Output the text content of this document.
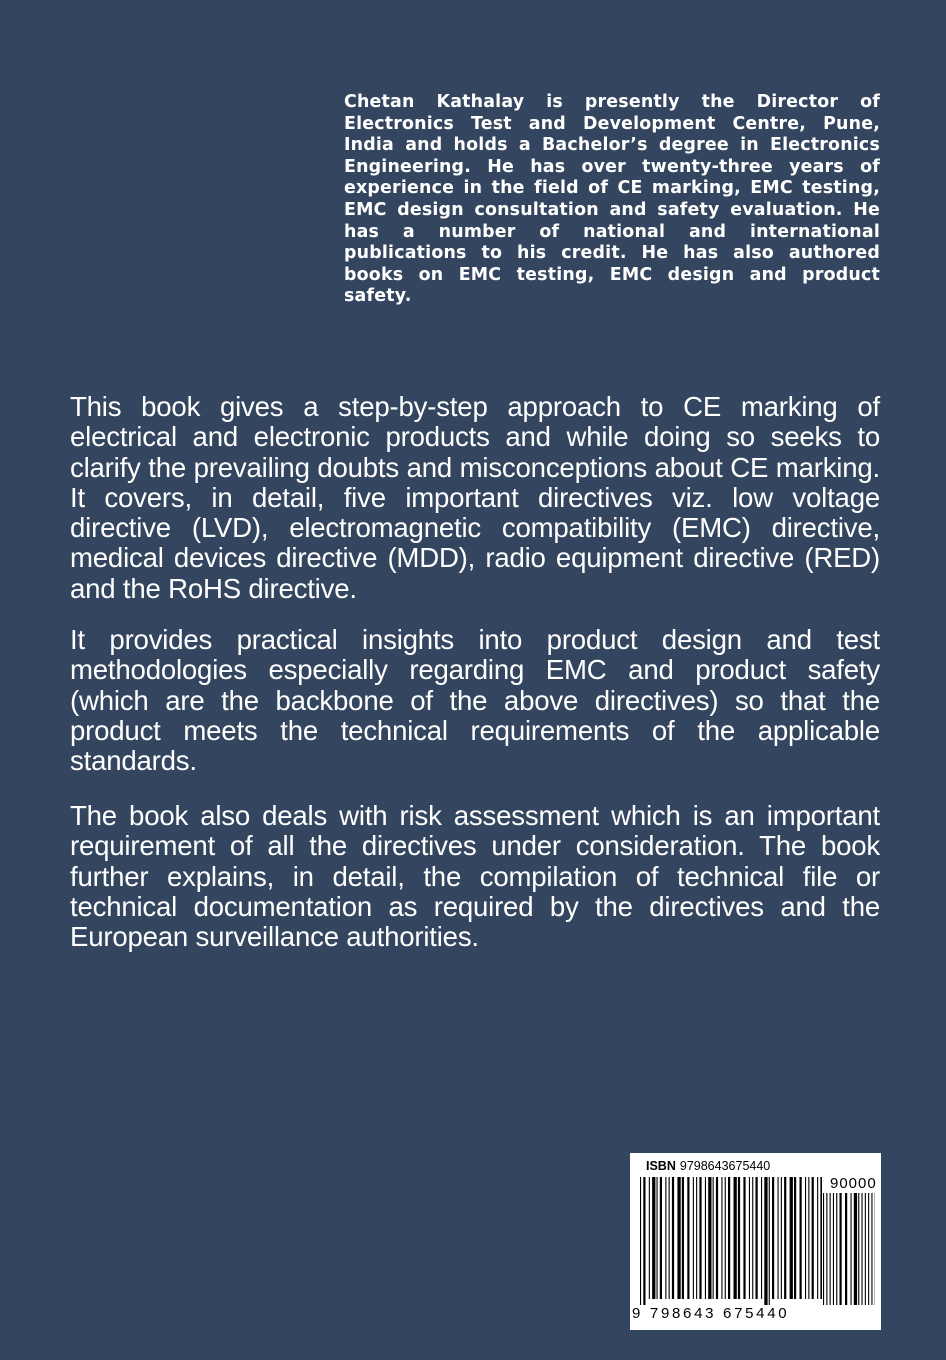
Chetan Kathalay is presently the Director of Electronics Test and Development Centre, Pune, India and holds a Bachelor’s degree in Electronics Engineering. He has over twenty-three years of experience in the field of CE marking, EMC testing, EMC design consultation and safety evaluation. He has a number of national and international publications to his credit. He has also authored books on EMC testing, EMC design and product safety.

This book gives a step-by-step approach to CE marking of electrical and electronic products and while doing so seeks to clarify the prevailing doubts and misconceptions about CE marking. It covers, in detail, five important directives viz. low voltage directive (LVD), electromagnetic compatibility (EMC) directive, medical devices directive (MDD), radio equipment directive (RED) and the RoHS directive.

It provides practical insights into product design and test methodologies especially regarding EMC and product safety (which are the backbone of the above directives) so that the product meets the technical requirements of the applicable standards.

The book also deals with risk assessment which is an important requirement of all the directives under consideration. The book further explains, in detail, the compilation of technical file or technical documentation as required by the directives and the European surveillance authorities.

ISBN 9798643675440
90000
9 798643 675440
